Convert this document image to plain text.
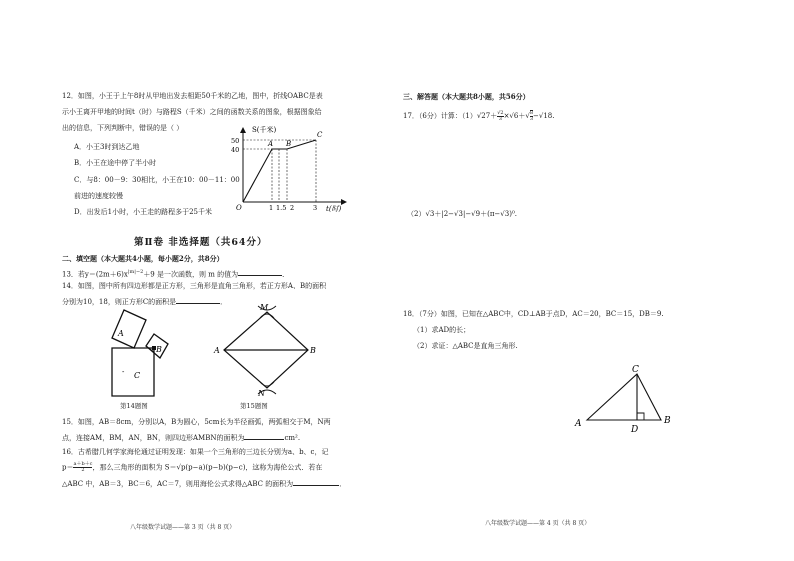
12．如图，小王于上午8时从甲地出发去相距50千米的乙地，图中，折线OABC是表
示小王离开甲地的时间t（时）与路程S（千米）之间的函数关系的图象，根据图象给
出的信息，下列判断中，错误的是（ ）
A．小王3时到达乙地
B．小王在途中停了半小时
C．与8：00－9：30相比，小王在10：00－11：00
前进的速度较慢
D．出发后1小时，小王走的路程多于25千米
S(千米)
t(时)
O
50
40
1 1.5 2	3
A B
C
第Ⅱ卷 非选择题（共64分）
二、填空题（本大题共4小题，每小题2分，共8分）
13．若$y=(2m+6)x^{|m|-2}+9$ 是一次函数，则 m 的值为	．
14．如图，图中所有四边形都是正方形，三角形是直角三角形，若正方形A、B的面积
分别为10，18，则正方形C的面积是	．
A
B
C
-
M
N
A	B
第14题图	第15题图
15．如图，AB＝8cm，分别以A，B为圆心，5cm长为半径画弧，两弧相交于M，N两
点，连接AM，BM，AN，BN，则四边形AMBN的面积为	cm².
16．古希腊几何学家海伦通过证明发现：如果一个三角形的三边长分别为a、b、c，记
$p= \frac{a+b+c}{2}$ ，那么三角形的面积为 S＝√p(p−a)(p−b)(p−c)，这称为海伦公式．若在
△ABC 中，AB＝3，BC＝6，AC＝7，则用海伦公式求得△ABC 的面积为	．
八年级数学试题——第 3 页（共 8 页）
三、解答题（本大题共8小题，共56分）
17．（6分）计算：$(1)√27+ \frac{√2}{3} \times√6+√ \frac{8}{3} -√18$.
（2）√3＋|2−√3|−√9＋(π−√3)⁰.
18．（7分）如图，已知在△ABC中，CD⊥AB于点D，AC＝20，BC＝15，DB＝9.
（1）求AD的长；
（2）求证：△ABC是直角三角形.
A	B
C
D
八年级数学试题——第 4 页（共 8 页）
